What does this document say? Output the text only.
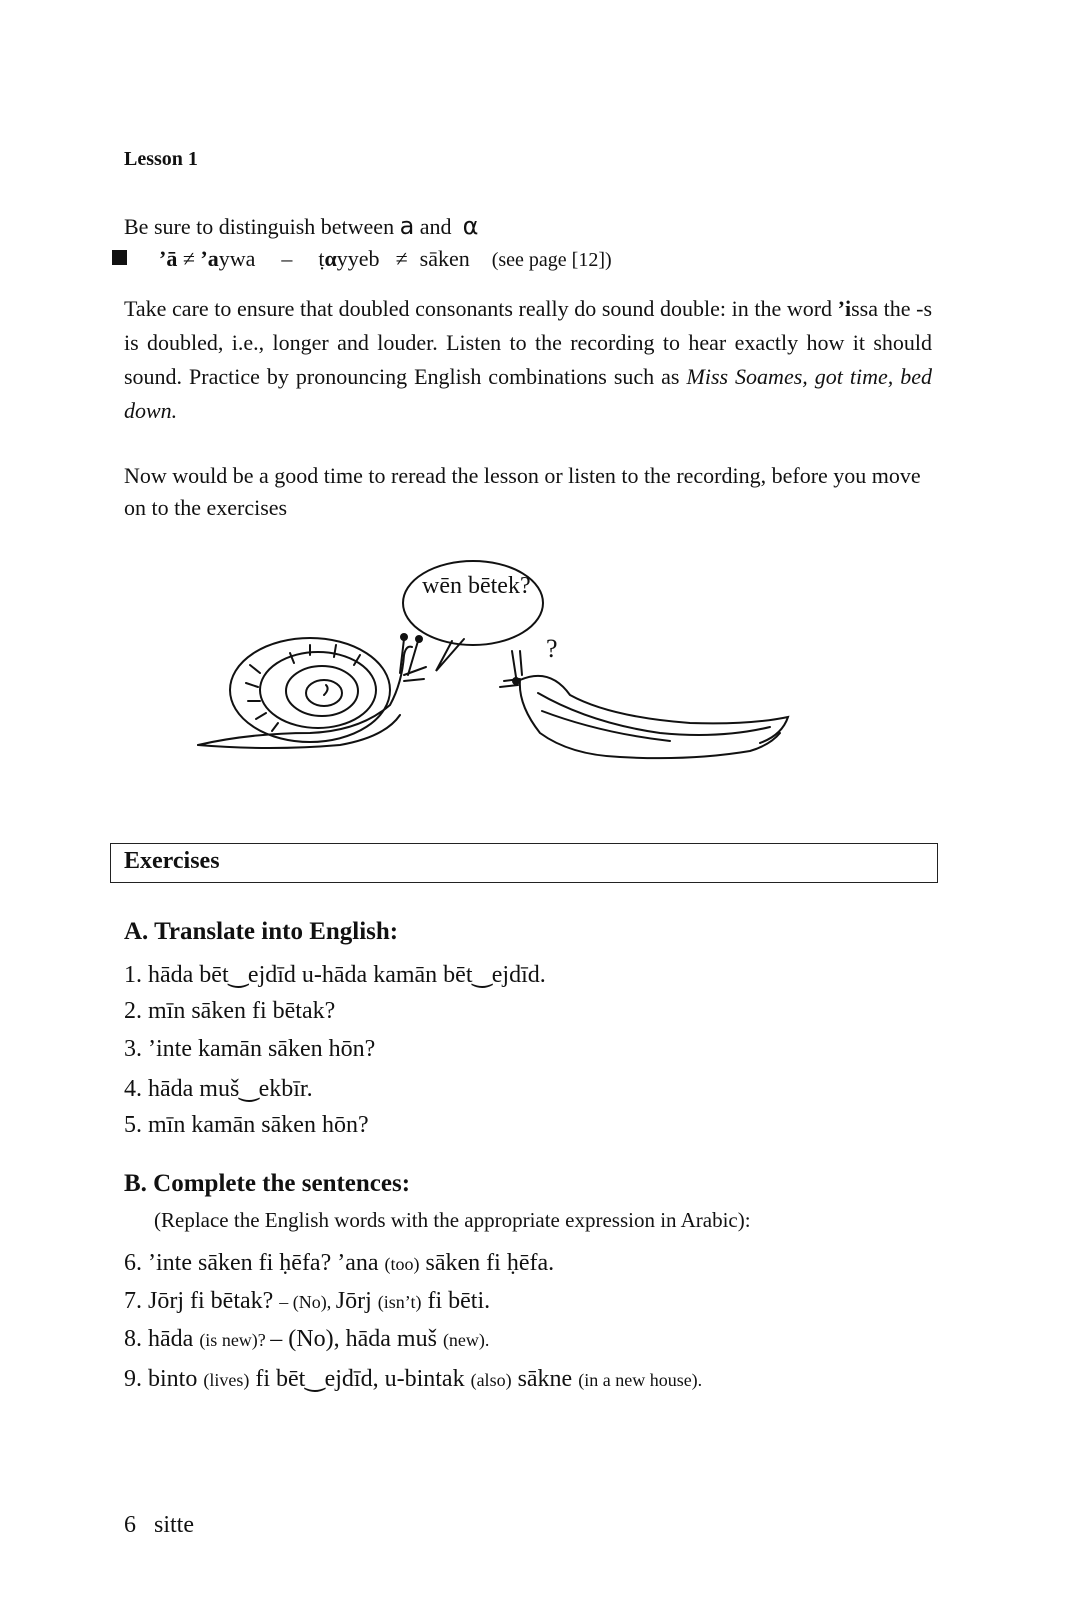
Lesson 1
Be sure to distinguish between a and  α
’ā ≠ ’aywa – ṭαyyeb ≠ sāken (see page [12])
Take care to ensure that doubled consonants really do sound double: in the word ’issa the -s is doubled, i.e., longer and louder. Listen to the recording to hear exactly how it should sound. Practice by pronouncing English combinations such as Miss Soames, got time, bed down.
Now would be a good time to reread the lesson or listen to the recording, before you move on to the exercises
wēn bētek?
?
Exercises
A. Translate into English:
1. hāda bēt‿ejdīd u-hāda kamān bēt‿ejdīd.
2. mīn sāken fi bētak?
3. ’inte kamān sāken hōn?
4. hāda muš‿ekbīr.
5. mīn kamān sāken hōn?
B. Complete the sentences:
(Replace the English words with the appropriate expression in Arabic):
6. ’inte sāken fi ḥēfa? ’ana (too) sāken fi ḥēfa.
7. Jōrj fi bētak? – (No), Jōrj (isn’t) fi bēti.
8. hāda (is new)? – (No), hāda muš (new).
9. binto (lives) fi bēt‿ejdīd, u-bintak (also) sākne (in a new house).
6 sitte
